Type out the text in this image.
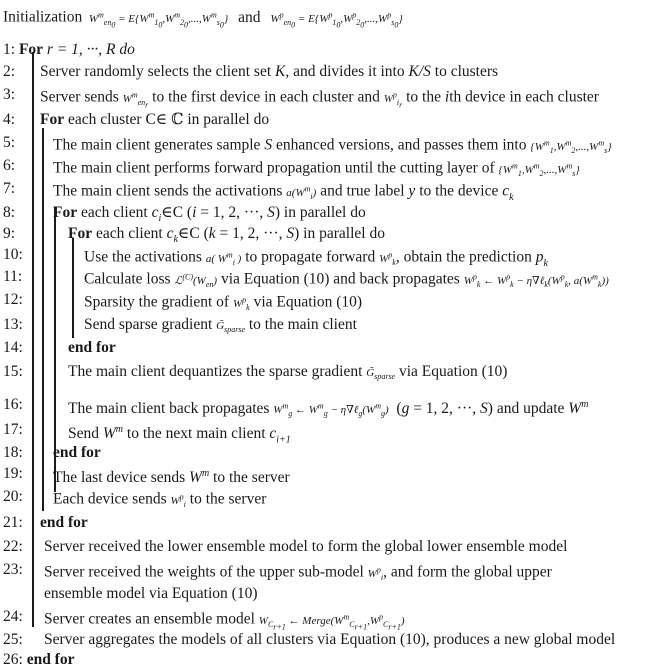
Initialization  $W^m_{en_0} = E\{W^m_{1_0},W^m_{2_0},...,W^m_{s_0}\}$ and $W^p_{en_0} = E\{W^p_{1_0},W^p_{2_0},...,W^p_{s_0}\}$
1: For r = 1, ···, R do
2: Server randomly selects the client set K, and divides it into K/S to clusters
3: Server sends $W^m_{en_r}$ to the first device in each cluster and $W^p_{i_r}$ to the ith device in each cluster
4: For each cluster C∈ ℂ in parallel do
5: The main client generates sample S enhanced versions, and passes them into $\{W^m_1,W^m_2,...,W^m_s\}$
6: The main client performs forward propagation until the cutting layer of $\{W^m_1,W^m_2,...,W^m_s\}$
7: The main client sends the activations $a(W^m_i)$ and true label y to the device $c_k$
8: For each client $c_i\in C$ (i = 1, 2, ···, S) in parallel do
9:	For each client $c_k\in C$ (k = 1, 2, ···, S) in parallel do
10:	Use the activations a( $W^m_i$ ) to propagate forward $W^p_k$, obtain the prediction $p_k$
11:	Calculate loss $ℒ^{(C)}(W_{en})$ via Equation (10) and back propagates $W^p_k$ ← $W^p_k$ − $\eta\nabla\ell_k(W^p_k$, $a(W^m_k)$)
12:	Sparsity the gradient of $W^p_k$ via Equation (10)
13:	Send sparse gradient $G̃_{sparse}$ to the main client
14:	end for
15:	The main client dequantizes the sparse gradient $G̃_{sparse}$ via Equation (10)
16:	The main client back propagates $W^m_g$ ← $W^m_g$ − $\eta\nabla\ell_g(W^m_g) (g = 1$, 2, ···, S) and update $W^m$
17:	Send $W^m$ to the next main client $c_{i+1}$
18: end for
19: The last device sends $W^m$ to the server
20: Each device sends $W^p_i$ to the server
21: end for
22: Server received the lower ensemble model to form the global lower ensemble model
23: Server received the weights of the upper sub-model $W^p_i$, and form the global upper
ensemble model via Equation (10)
24: Server creates an ensemble model $W_{C_{r+1}}$ ← $Merge(W^m_{C_{r+1}},W^p_{C_{r+1}})$
25: Server aggregates the models of all clusters via Equation (10), produces a new global model
26: end for
